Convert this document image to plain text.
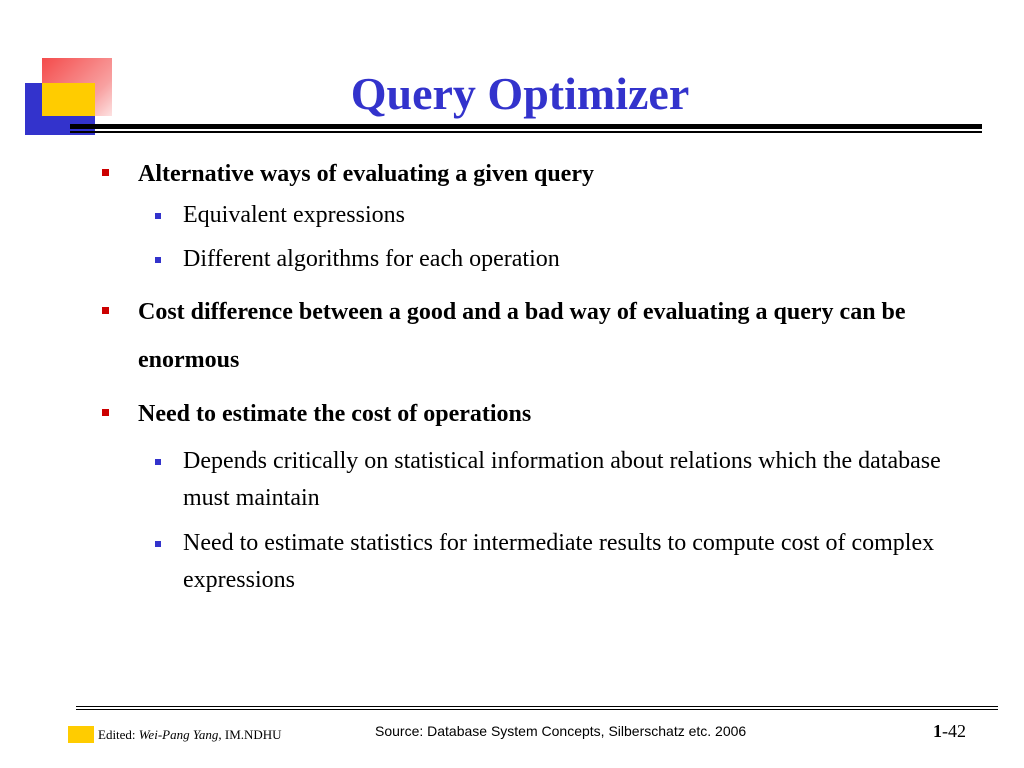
Query Optimizer
Alternative ways of evaluating a given query
Equivalent expressions
Different algorithms for each operation
Cost difference between a good and a bad way of evaluating a query can be enormous
Need to estimate the cost of operations
Depends critically on statistical information about relations which the database must maintain
Need to estimate statistics for intermediate results to compute cost of complex expressions
Edited: Wei-Pang Yang, IM.NDHU	Source: Database System Concepts, Silberschatz etc. 2006	1-42
